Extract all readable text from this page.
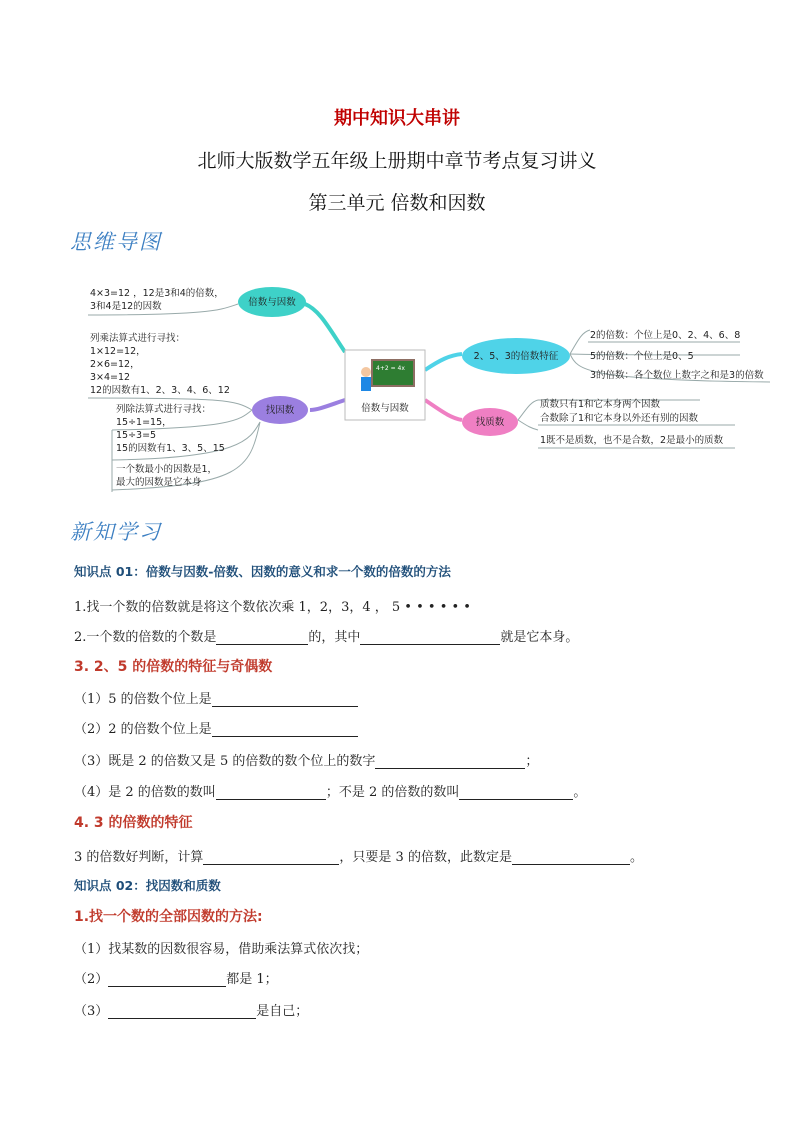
期中知识大串讲
北师大版数学五年级上册期中章节考点复习讲义
第三单元 倍数和因数
思维导图
倍数与因数
找因数
2、5、3的倍数特征
找质数
倍数与因数
4+2 = 4x
4×3=12 ，12是3和4的倍数，
3和4是12的因数
列乘法算式进行寻找：
1×12=12，
2×6=12，
3×4=12
12的因数有1、2、3、4、6、12
列除法算式进行寻找：
15÷1=15，
15÷3=5
15的因数有1、3、5、15
一个数最小的因数是1，
最大的因数是它本身
2的倍数：个位上是0、2、4、6、8
5的倍数：个位上是0、5
3的倍数：各个数位上数字之和是3的倍数
质数只有1和它本身两个因数
合数除了1和它本身以外还有别的因数
1既不是质数，也不是合数，2是最小的质数
新知学习
知识点 01：倍数与因数-倍数、因数的意义和求一个数的倍数的方法
1.找一个数的倍数就是将这个数依次乘 1，2，3，4 ， 5 • • • • • •
2.一个数的倍数的个数是	的，其中	就是它本身。
3. 2、5 的倍数的特征与奇偶数
（1）5 的倍数个位上是
（2）2 的倍数个位上是
（3）既是 2 的倍数又是 5 的倍数的数个位上的数字	；
（4）是 2 的倍数的数叫	；不是 2 的倍数的数叫	。
4. 3 的倍数的特征
3 的倍数好判断，计算	，只要是 3 的倍数，此数定是	。
知识点 02：找因数和质数
1.找一个数的全部因数的方法:
（1）找某数的因数很容易，借助乘法算式依次找；
（2）	都是 1；
（3）	是自己；
